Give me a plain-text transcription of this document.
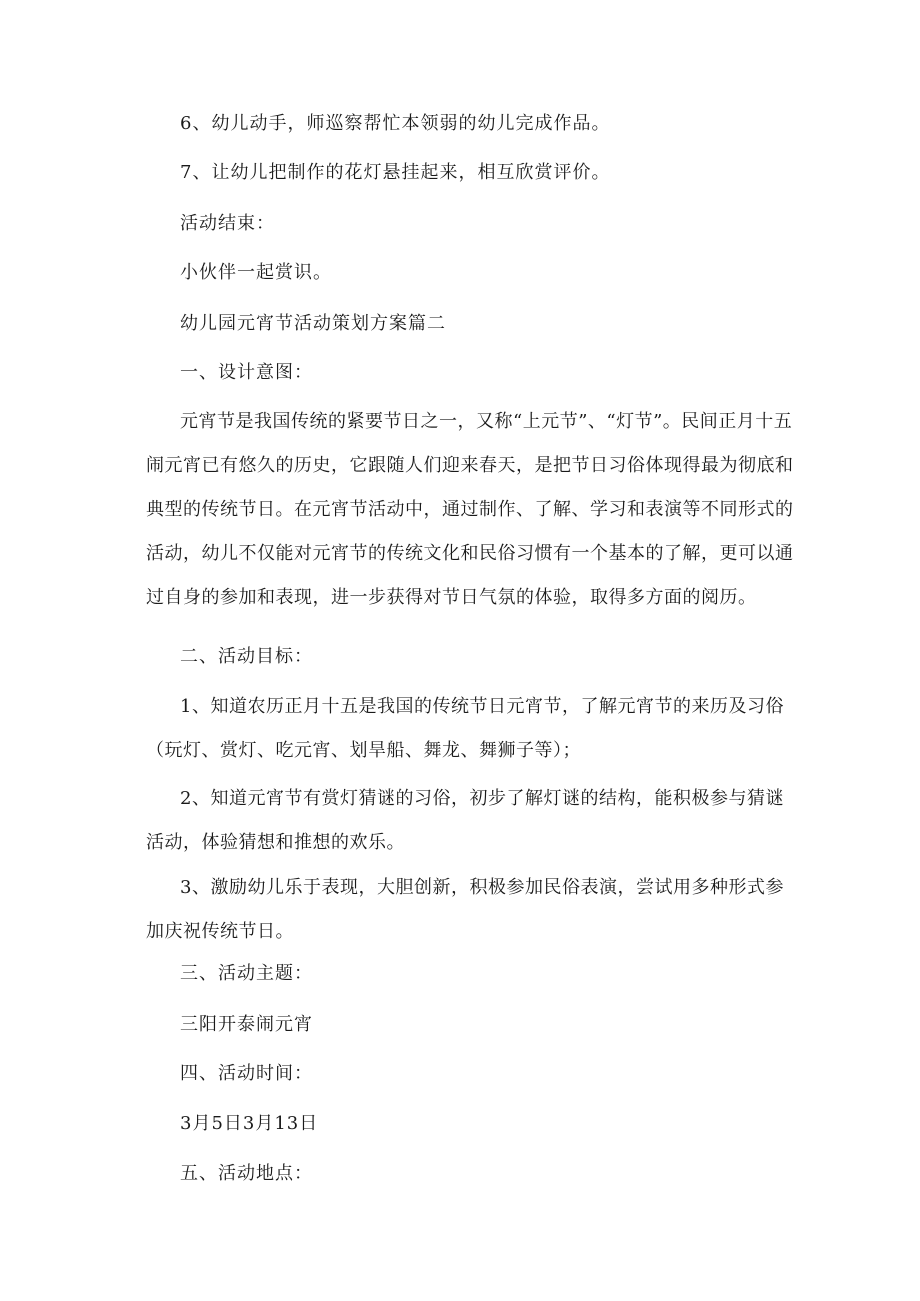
6、幼儿动手，师巡察帮忙本领弱的幼儿完成作品。
7、让幼儿把制作的花灯悬挂起来，相互欣赏评价。
活动结束：
小伙伴一起赏识。
幼儿园元宵节活动策划方案篇二
一、设计意图：

元宵节是我国传统的紧要节日之一，又称“上元节”、“灯节”。民间正月十五闹元宵已有悠久的历史，它跟随人们迎来春天，是把节日习俗体现得最为彻底和典型的传统节日。在元宵节活动中，通过制作、了解、学习和表演等不同形式的活动，幼儿不仅能对元宵节的传统文化和民俗习惯有一个基本的了解，更可以通过自身的参加和表现，进一步获得对节日气氛的体验，取得多方面的阅历。

二、活动目标：

1、知道农历正月十五是我国的传统节日元宵节，了解元宵节的来历及习俗（玩灯、赏灯、吃元宵、划旱船、舞龙、舞狮子等）；

2、知道元宵节有赏灯猜谜的习俗，初步了解灯谜的结构，能积极参与猜谜活动，体验猜想和推想的欢乐。

3、激励幼儿乐于表现，大胆创新，积极参加民俗表演，尝试用多种形式参加庆祝传统节日。

三、活动主题：
三阳开泰闹元宵
四、活动时间：
3月5日3月13日
五、活动地点：
